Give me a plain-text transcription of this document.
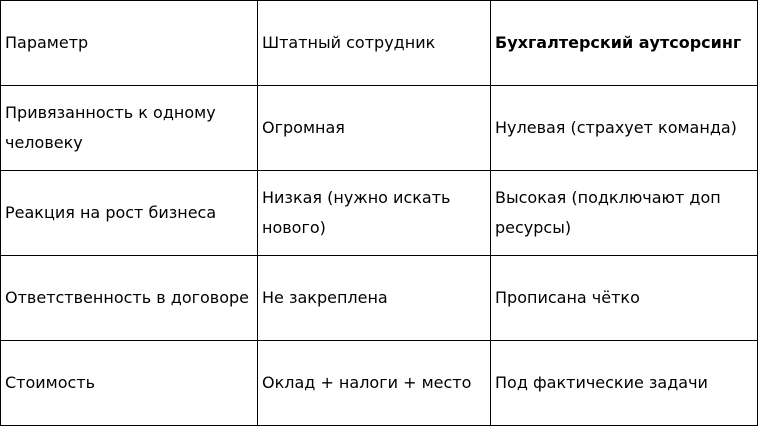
Параметр	Штатный сотрудник	Бухгалтерский аутсорсинг
Привязанность к одному человеку	Огромная	Нулевая (страхует команда)
Реакция на рост бизнеса	Низкая (нужно искать нового)	Высокая (подключают доп ресурсы)
Ответственность в договоре	Не закреплена	Прописана чётко
Стоимость	Оклад + налоги + место	Под фактические задачи
